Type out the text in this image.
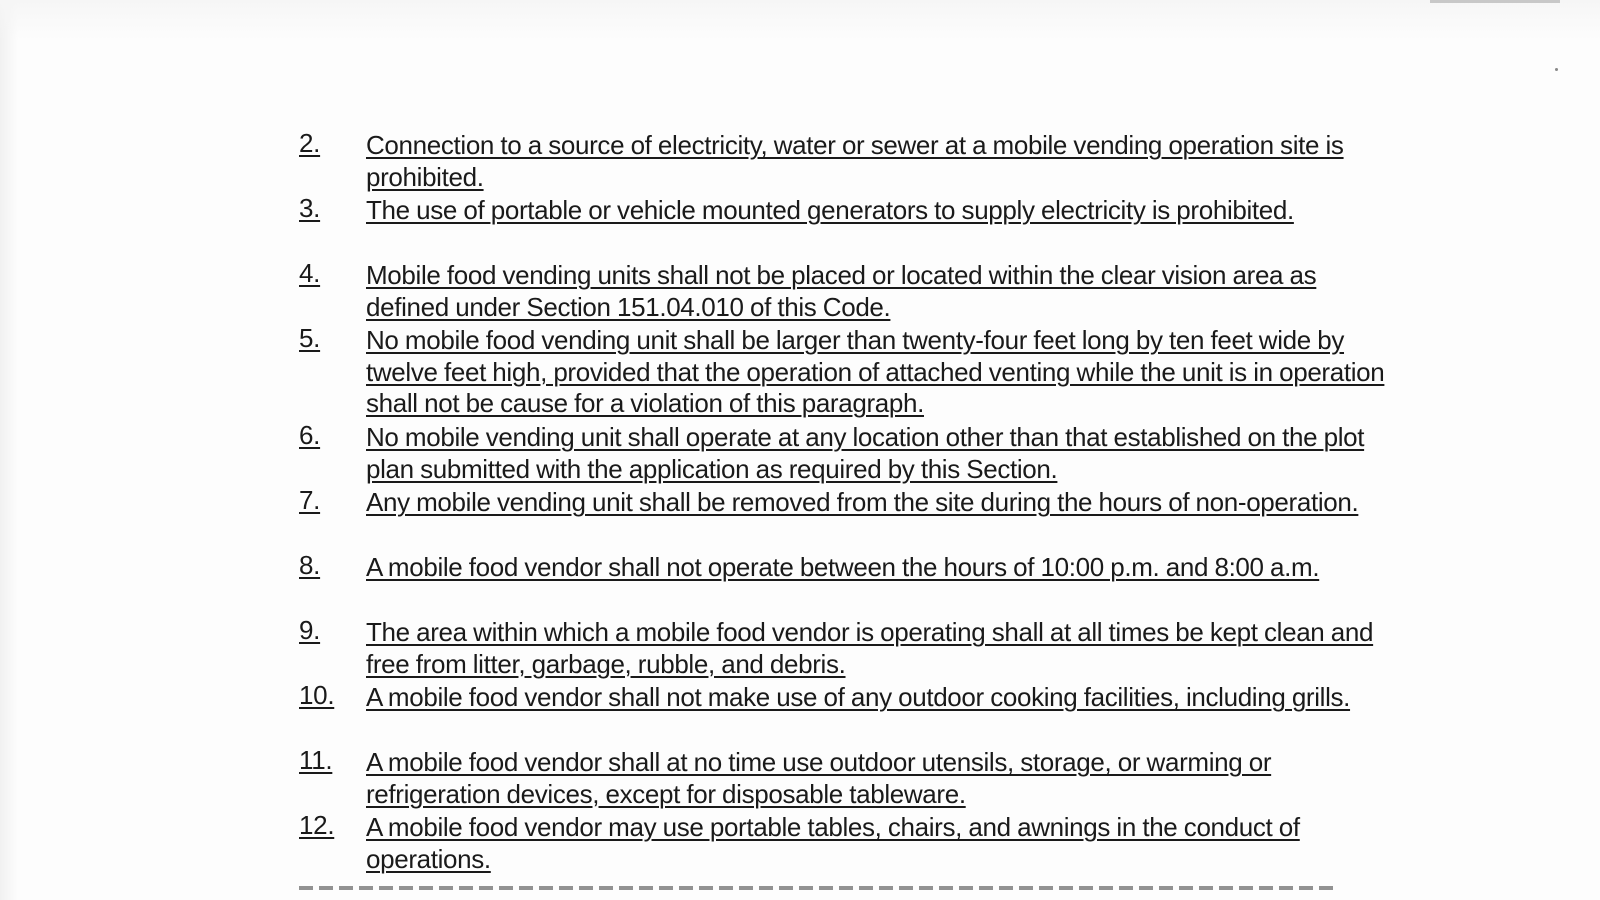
2. Connection to a source of electricity, water or sewer at a mobile vending operation site is prohibited.
3. The use of portable or vehicle mounted generators to supply electricity is prohibited.
4. Mobile food vending units shall not be placed or located within the clear vision area as defined under Section 151.04.010 of this Code.
5. No mobile food vending unit shall be larger than twenty-four feet long by ten feet wide by twelve feet high, provided that the operation of attached venting while the unit is in operation shall not be cause for a violation of this paragraph.
6. No mobile vending unit shall operate at any location other than that established on the plot plan submitted with the application as required by this Section.
7. Any mobile vending unit shall be removed from the site during the hours of non-operation.
8. A mobile food vendor shall not operate between the hours of 10:00 p.m. and 8:00 a.m.
9. The area within which a mobile food vendor is operating shall at all times be kept clean and free from litter, garbage, rubble, and debris.
10. A mobile food vendor shall not make use of any outdoor cooking facilities, including grills.
11. A mobile food vendor shall at no time use outdoor utensils, storage, or warming or refrigeration devices, except for disposable tableware.
12. A mobile food vendor may use portable tables, chairs, and awnings in the conduct of operations.
